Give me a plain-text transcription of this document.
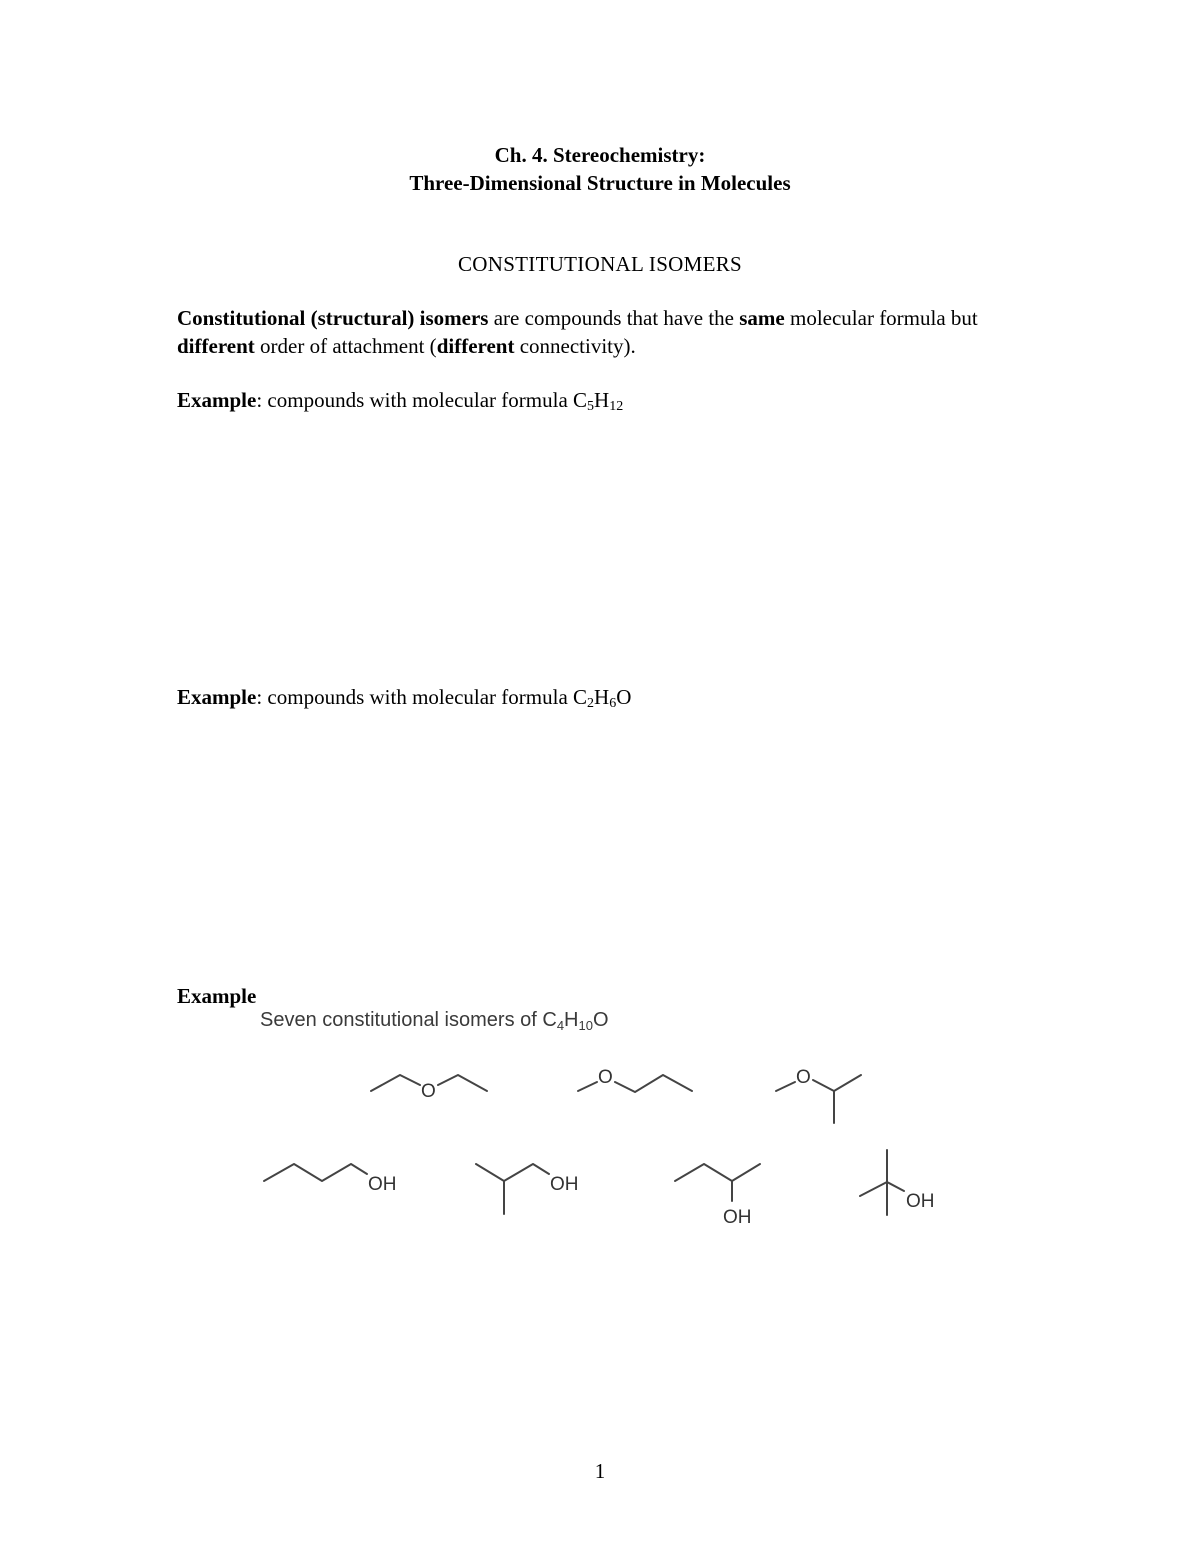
Ch. 4. Stereochemistry:
Three-Dimensional Structure in Molecules
CONSTITUTIONAL ISOMERS
Constitutional (structural) isomers are compounds that have the same molecular formula but different order of attachment (different connectivity).
Example: compounds with molecular formula $C_5H_{12}$
Example: compounds with molecular formula $C_2H_6O$
Example
Seven constitutional isomers of $C_4H_{10}O$
O
O	O
OH	OH
OH
OH
1
